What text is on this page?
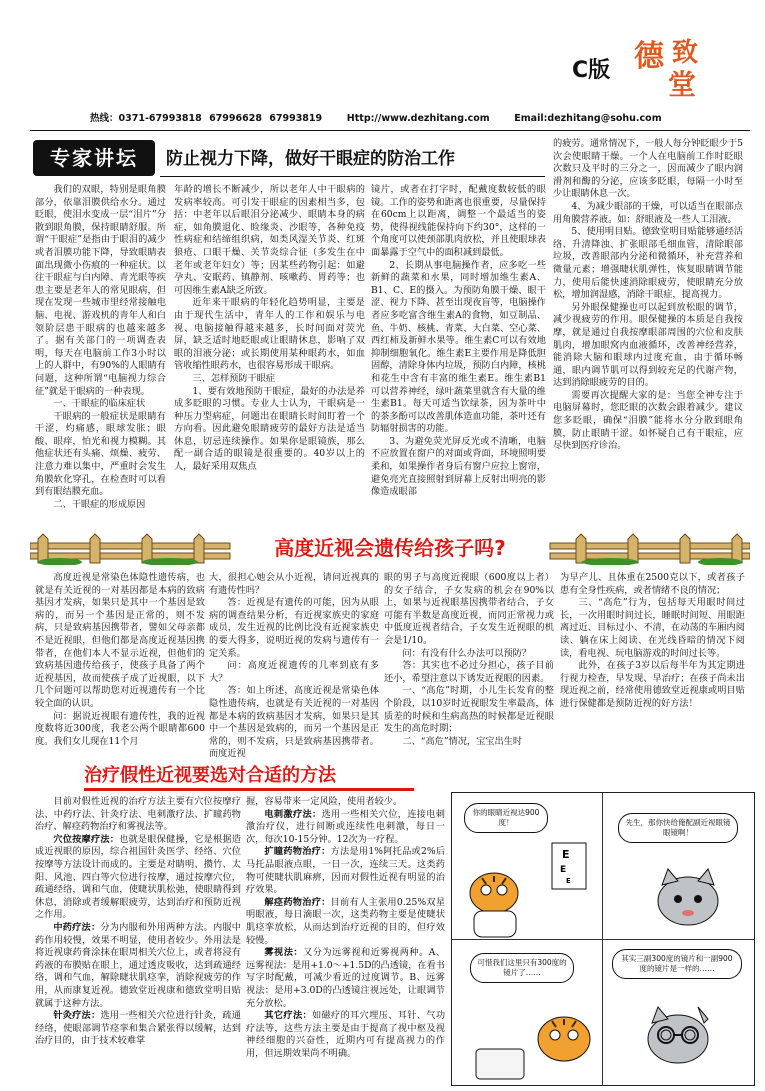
C版 德 致
堂
热线：0371-67993818 67996628 67993819	Http://www.dezhitang.com	Email:dezhitang@sohu.com
专家讲坛	防止视力下降，做好干眼症的防治工作

我们的双眼，特别是眼角膜部分，依靠泪膜供给水分。通过眨眼，使泪水变成一层“泪片”分散到眼角膜，保持眼睛舒服。所谓“干眼症”是指由于眼泪的减少或者泪膜功能下降，导致眼睛表面出现微小伤痕的一种症状。以往干眼症与白内障、青光眼等疾患主要是老年人的常见眼病，但现在发现一些城市里经常接触电脑、电视、游戏机的青年人和白领阶层患干眼病的也越来越多了。据有关部门的一项调查表明，每天在电脑前工作3小时以上的人群中，有90%的人眼睛有问题，这种所谓“电脑视力综合征”就是干眼病的一种表现。

一、干眼症的临床症状

干眼病的一般症状是眼睛有干涩，灼痛感，眼球发胀；眼酸、眼痒，怕光和视力模糊。其他症状还有头痛、烦燥、疲劳、注意力难以集中，严重时会发生角膜软化穿孔，在检查时可以看到有眼结膜充血。

二、干眼症的形成原因

年龄的增长不断减少，所以老年人中干眼病的发病率较高。可引发干眼症的因素相当多，包括：中老年以后眼泪分泌减少、眼睛本身的病症，如角膜退化、睑缘炎、沙眼等，各种免疫性病症和结缔组织病，如类风湿关节炎、红斑狼疮、口眼干燥、关节炎综合征（多发生在中老年或老年妇女）等；因某些药物引起：如避孕丸、安眠药、镇静剂、咳嗽药、胃药等；也可因维生素A缺乏所致。

近年来干眼病的年轻化趋势明显，主要是由于现代生活中，青年人的工作和娱乐与电视、电脑接触得越来越多，长时间面对荧光屏，缺乏适时地眨眼或让眼睛休息，影响了双眼的泪液分泌；或长期使用某种眼药水，如血管收缩性眼药水，也很容易形成干眼病。

三、怎样预防干眼症

1、要有效地预防干眼症，最好的办法是养成多眨眼的习惯。专业人士认为，干眼病是一种压力型病症，问题出在眼睛长时间盯着一个方向看。因此避免眼睛疲劳的最好方法是适当休息，切忌连续操作。如果你是眼镜族，那么配一副合适的眼镜是很重要的。40岁以上的人，最好采用双焦点

镜片，或者在打字时，配戴度数较低的眼镜。工作的姿势和距离也很重要，尽量保持在60cm上以距离，调整一个最适当的姿势，使得视线能保持向下约30°，这样的一个角度可以使颈部肌肉放松，并且使眼球表面暴露于空气中的面积减到最低。

2、长期从事电脑操作者，应多吃一些新鲜的蔬菜和水果，同时增加维生素A、B1、C、E的摄入。为预防角膜干燥、眼干涩、视力下降、甚至出现夜盲等，电脑操作者应多吃富含维生素A的食物，如豆制品、鱼、牛奶、核桃、青菜、大白菜、空心菜、西红柿及新鲜水果等。维生素C可以有效地抑制细胞氧化。维生素E主要作用是降低胆固醇，清除身体内垃圾，预防白内障，核桃和花生中含有丰富的维生素E。维生素B1可以营养神经，绿叶蔬菜里就含有大量的维生素B1。每天可适当饮绿茶，因为茶叶中的茶多酚可以改善肌体造血功能，茶叶还有防辐射损害的功能。

3、为避免荧光屏反光或不清晰，电脑不应放置在窗户的对面或背面，环境照明要柔和，如果操作者身后有窗户应拉上窗帘，避免亮光直接照射到屏幕上反射出明亮的影像造成眼部

的疲劳。通常情况下，一般人每分钟眨眼少于5次会使眼睛干燥。一个人在电脑前工作时眨眼次数只及平时的三分之一，因而减少了眼内润滑剂和酶的分泌，应该多眨眼，每隔一小时至少让眼睛休息一次。

4、为减少眼部的干燥，可以适当在眼部点用角膜营养液。如：舒眼液及一些人工泪液。

5、使用明目贴。德致堂明目贴能够通经活络、升清降浊、扩张眼部毛细血管，清除眼部垃圾，改善眼部内分泌和微循环，补充营养和微量元素；增强睫状肌弹性，恢复眼睛调节能力，使用后能快速消除眼疲劳，使眼睛充分放松，增加润湿感，消除干眼症，提高视力。

另外眼保健操也可以起到放松眼的调节，减少视疲劳的作用。眼保健操的本质是自我按摩，就是通过自我按摩眼部周围的穴位和皮肤肌肉，增加眼窝内血液循环，改善神经营养，能消除大脑和眼球内过度充血，由于循环畅通，眼内调节肌可以得到较充足的代谢产物，达到消除眼疲劳的目的。

需要再次提醒大家的是：当您全神专注于电脑屏幕时，您眨眼的次数会跟着减少。建议您多眨眼，确保“泪膜”能将水分分散到眼角膜，防止眼睛干涩。如怀疑自己有干眼症，应尽快到医疗诊治。

高度近视会遗传给孩子吗?

高度近视是常染色体隐性遗传病，也就是有关近视的一对基因都是本病的致病基因才发病，如果只是其中一个基因是致病的，而另一个基因是正常的，则不发病，只是致病基因携带者，譬如父母亲都不是近视眼，但他们都是高度近视基因携带者，在他们本人不显示近视，但他们的致病基因遗传给孩子，使孩子具备了两个近视基因，故而使孩子成了近视眼，以下几个问题可以帮助您对近视遗传有一个比较全面的认识。

问：据说近视眼有遗传性，我的近视度数将近300度，我老公两个眼睛都600度。我们女儿现在11个月

大，很担心她会从小近视，请问近视真的有遗传性吗？

答：近视是有遗传的可能，因为从眼病的调查结果分析，有近视家族史的家庭成员，发生近视的比例比没有近视家族史的要大得多，说明近视的发病与遗传有一定关系。

问：高度近视遗传的几率到底有多大？

答：如上所述，高度近视是常染色体隐性遗传病，也就是有关近视的一对基因都是本病的致病基因才发病，如果只是其中一个基因是致病的，而另一个基因是正常的，则不发病，只是致病基因携带者。而度近视

眼的男子与高度近视眼（600度以上者）的女子结合，子女发病的机会在90%以上，如果与近视眼基因携带者结合，子女可能有半数是高度近视，而同正常视力或中低度近视者结合，子女发生近视眼的机会是1/10。

问：有没有什么办法可以预防？

答：其实也不必过分担心，孩子目前还小，希望注意以下诱发近视眼的因素。

一、“高危”时期，小儿生长发育的整个阶段，以10岁时近视眼发生率最高，体质差的时候和生病高热的时候都是近视眼发生的高危时期；

二、“高危”情况，宝宝出生时

为早产儿、且体重在2500克以下，或者孩子患有全身性疾病，或者情绪不良的情况；

三、“高危”行为，包括每天用眼时间过长，一次用眼时间过长，睡眠时间短、用眼距离过近、目标过小、不清，在动荡的车厢内阅读、躺在床上阅读、在光线昏暗的情况下阅读，看电视、玩电脑游戏的时间过长等。

此外，在孩子3岁以后每半年为其定期进行视力检查，早发现、早治疗；在孩子尚未出现近视之前，经常使用德致堂近视康或明目贴进行保健都是预防近视的好方法！

治疗假性近视要选对合适的方法

目前对假性近视的治疗方法主要有穴位按摩疗法、中药疗法、针灸疗法、电刺激疗法、扩瞳药物治疗、解痉药物治疗和雾视法等。

穴位按摩疗法：也就是眼保健操，它是根据造成近视眼的原因，综合祖国针灸医学、经络、穴位按摩等方法设计而成的。主要是对睛明、攒竹、太阳、风池、四白等穴位进行按摩，通过按摩穴位，疏通经络，调和气血，使睫状肌松弛，使眼睛得到休息，消除或者缓解眼疲劳，达到治疗和预防近视之作用。

中药疗法：分为内服和外用两种方法。内服中药作用较慢，效果不明显，使用者较少。外用法是将近视康药膏涂抹在眼周相关穴位上，或者将浸有药液的布膜贴在眼上，通过透皮吸收，达到疏通经络，调和气血，解除睫状肌痉挛，消除视疲劳的作用，从而康复近视。德致堂近视康和德致堂明目贴就属于这种方法。

针灸疗法：选用一些相关穴位进行针灸，疏通经络，使眼部调节痉挛和集合紧张得以缓解，达到治疗目的，由于技术较难掌

握，容易带来一定风险，使用者较少。

电刺激疗法：选用一些相关穴位，连接电刺激治疗仪，进行间断或连续性电刺激，每日一次，每次10-15分钟。12次为一疗程。

扩瞳药物治疗：方法是用1%阿托品或2%后马托品眼液点眼，一日一次，连续三天。这类药物可使睫状肌麻痹，因而对假性近视有明显的治疗效果。

解痉药物治疗：目前有人主张用0.25%双星明眼液，每日滴眼一次，这类药物主要是使睫状肌痉挛放松，从而达到治疗近视的目的，但疗效较慢。

雾视法：又分为远雾视和近雾视两种。A、远雾视法：是用+1.0～+1.5D的凸透镜，在看书写字时配戴，可减少看近的过度调节。B、远雾视法：是用+3.0D的凸透镜注视远处，让眼调节充分放松。

其它疗法：如磁疗的耳穴埋压、耳针、气功疗法等，这些方法主要是由于提高了视中枢及视神经细胞的兴奋性，近期内可有提高视力的作用，但远期效果尚不明确。

E
E
E
你的眼睛近视达900度！	先生，那你快给俺配副近视眼镜眼镜啊！
可惜我们这里只有300度的镜片了……
其实三副300度的镜片和一副900度的镜片是一样的……
